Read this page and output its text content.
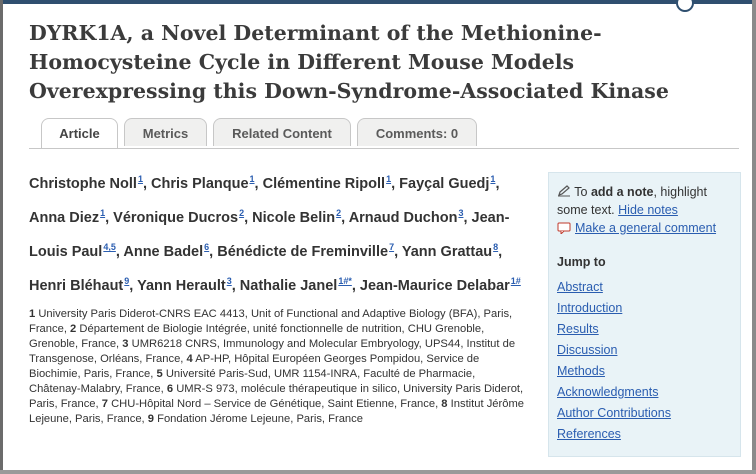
DYRK1A, a Novel Determinant of the Methionine-
Homocysteine Cycle in Different Mouse Models
Overexpressing this Down-Syndrome-Associated Kinase
Article	Metrics	Related Content	Comments: 0
Christophe Noll$^1$, Chris Planque$^1$, Clémentine Ripoll$^1$, Fayçal Guedj$^1$, Anna Diez$^1$, Véronique Ducros$^2$, Nicole Belin$^2$, Arnaud Duchon$^3$, Jean-Louis Paul$^{4,5}$, Anne Badel$^6$, Bénédicte de Freminville$^7$, Yann Grattau$^8$, Henri Bléhaut$^9$, Yann Herault$^3$, Nathalie Janel$^{1\#*}$, Jean-Maurice Delabar$^{1\#}$
1 University Paris Diderot-CNRS EAC 4413, Unit of Functional and Adaptive Biology (BFA), Paris, France, 2 Département de Biologie Intégrée, unité fonctionnelle de nutrition, CHU Grenoble, Grenoble, France, 3 UMR6218 CNRS, Immunology and Molecular Embryology, UPS44, Institut de Transgenose, Orléans, France, 4 AP-HP, Hôpital Européen Georges Pompidou, Service de Biochimie, Paris, France, 5 Université Paris-Sud, UMR 1154-INRA, Faculté de Pharmacie, Châtenay-Malabry, France, 6 UMR-S 973, molécule thérapeutique in silico, University Paris Diderot, Paris, France, 7 CHU-Hôpital Nord – Service de Génétique, Saint Etienne, France, 8 Institut Jérôme Lejeune, Paris, France, 9 Fondation Jérome Lejeune, Paris, France
To add a note, highlight some text. Hide notes
Make a general comment
Jump to
Abstract
Introduction
Results
Discussion
Methods
Acknowledgments
Author Contributions
References
